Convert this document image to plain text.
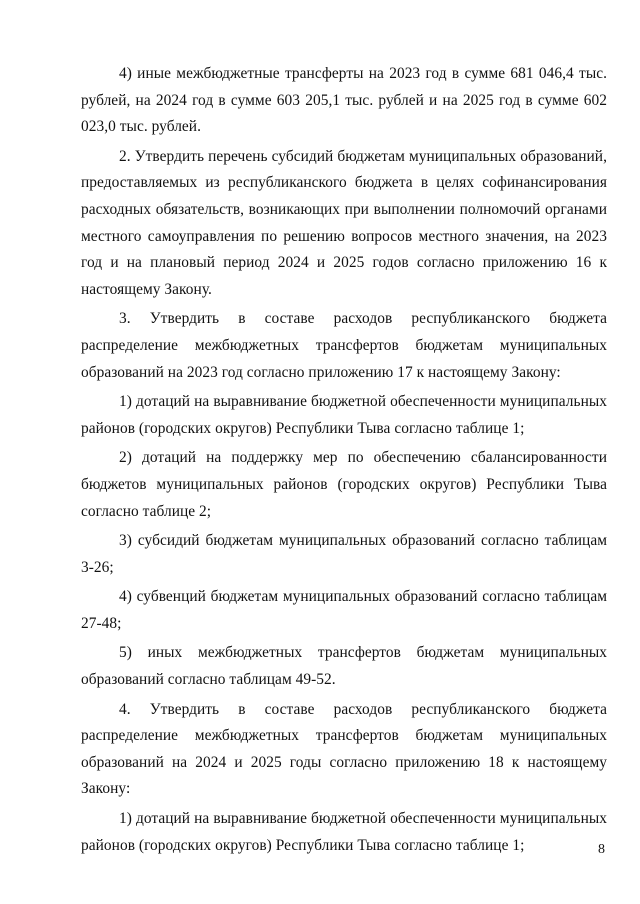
4) иные межбюджетные трансферты на 2023 год в сумме 681 046,4 тыс. рублей, на 2024 год в сумме 603 205,1 тыс. рублей и на 2025 год в сумме 602 023,0 тыс. рублей.

2. Утвердить перечень субсидий бюджетам муниципальных образований, предоставляемых из республиканского бюджета в целях софинансирования расходных обязательств, возникающих при выполнении полномочий органами местного самоуправления по решению вопросов местного значения, на 2023 год и на плановый период 2024 и 2025 годов согласно приложению 16 к настоящему Закону.

3. Утвердить в составе расходов республиканского бюджета распределение межбюджетных трансфертов бюджетам муниципальных образований на 2023 год согласно приложению 17 к настоящему Закону:

1) дотаций на выравнивание бюджетной обеспеченности муниципальных районов (городских округов) Республики Тыва согласно таблице 1;

2) дотаций на поддержку мер по обеспечению сбалансированности бюджетов муниципальных районов (городских округов) Республики Тыва согласно таблице 2;

3) субсидий бюджетам муниципальных образований согласно таблицам 3-26;

4) субвенций бюджетам муниципальных образований согласно таблицам 27-48;

5) иных межбюджетных трансфертов бюджетам муниципальных образований согласно таблицам 49-52.

4. Утвердить в составе расходов республиканского бюджета распределение межбюджетных трансфертов бюджетам муниципальных образований на 2024 и 2025 годы согласно приложению 18 к настоящему Закону:

1) дотаций на выравнивание бюджетной обеспеченности муниципальных районов (городских округов) Республики Тыва согласно таблице 1;	8
